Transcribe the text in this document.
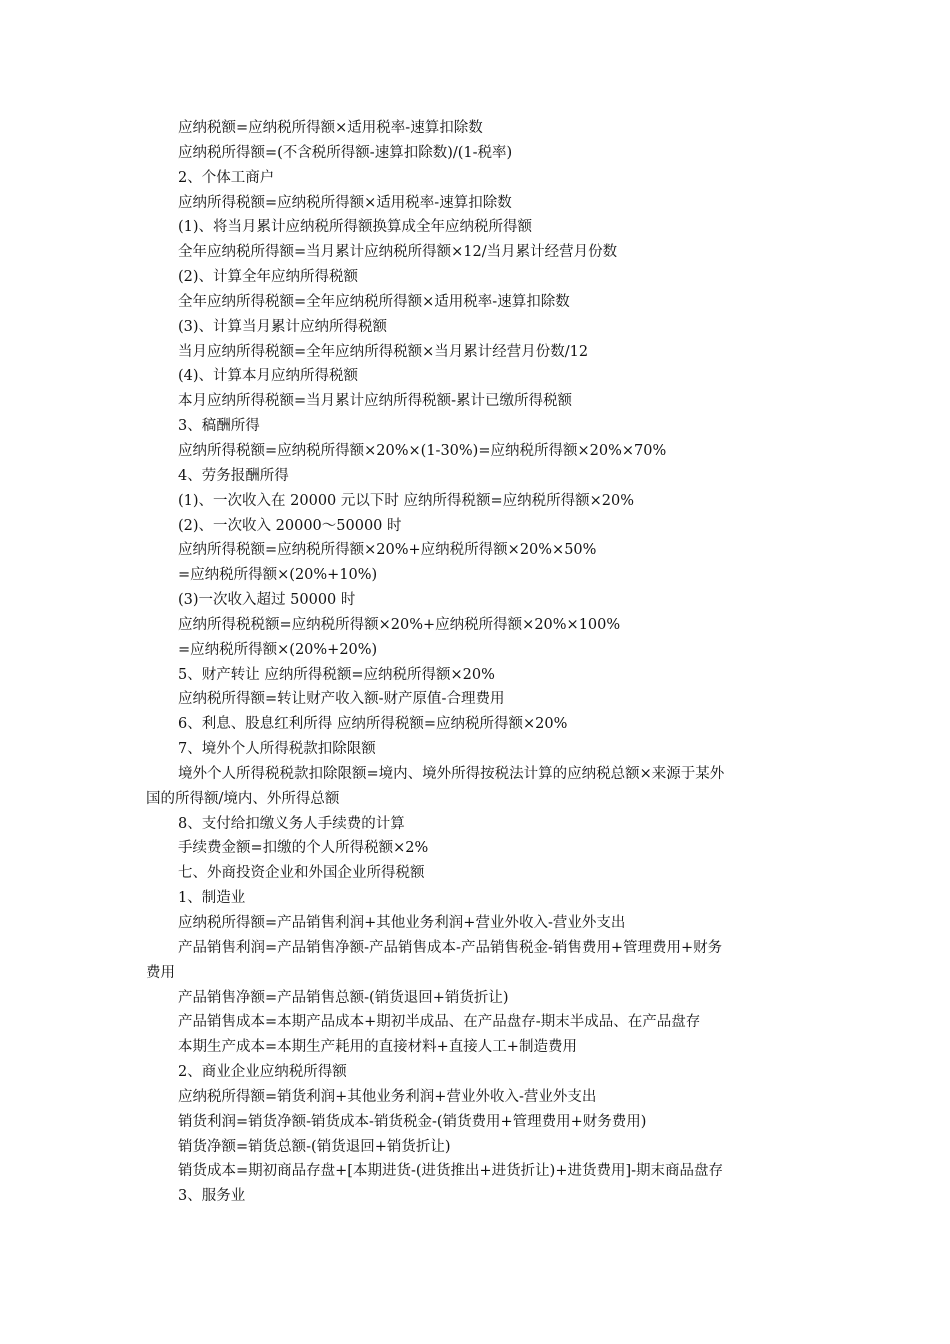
应纳税额=应纳税所得额×适用税率-速算扣除数
应纳税所得额=(不含税所得额-速算扣除数)/(1-税率)
2、个体工商户
应纳所得税额=应纳税所得额×适用税率-速算扣除数
(1)、将当月累计应纳税所得额换算成全年应纳税所得额
全年应纳税所得额=当月累计应纳税所得额×12/当月累计经营月份数
(2)、计算全年应纳所得税额
全年应纳所得税额=全年应纳税所得额×适用税率-速算扣除数
(3)、计算当月累计应纳所得税额
当月应纳所得税额=全年应纳所得税额×当月累计经营月份数/12
(4)、计算本月应纳所得税额
本月应纳所得税额=当月累计应纳所得税额-累计已缴所得税额
3、稿酬所得
应纳所得税额=应纳税所得额×20%×(1-30%)=应纳税所得额×20%×70%
4、劳务报酬所得
(1)、一次收入在 20000 元以下时 应纳所得税额=应纳税所得额×20%
(2)、一次收入 20000～50000 时
应纳所得税额=应纳税所得额×20%+应纳税所得额×20%×50%
=应纳税所得额×(20%+10%)
(3)一次收入超过 50000 时
应纳所得税税额=应纳税所得额×20%+应纳税所得额×20%×100%
=应纳税所得额×(20%+20%)
5、财产转让 应纳所得税额=应纳税所得额×20%
应纳税所得额=转让财产收入额-财产原值-合理费用
6、利息、股息红利所得 应纳所得税额=应纳税所得额×20%
7、境外个人所得税款扣除限额
境外个人所得税税款扣除限额=境内、境外所得按税法计算的应纳税总额×来源于某外
国的所得额/境内、外所得总额
8、支付给扣缴义务人手续费的计算
手续费金额=扣缴的个人所得税额×2%
七、外商投资企业和外国企业所得税额
1、制造业
应纳税所得额=产品销售利润+其他业务利润+营业外收入-营业外支出
产品销售利润=产品销售净额-产品销售成本-产品销售税金-销售费用+管理费用+财务
费用
产品销售净额=产品销售总额-(销货退回+销货折让)
产品销售成本=本期产品成本+期初半成品、在产品盘存-期末半成品、在产品盘存
本期生产成本=本期生产耗用的直接材料+直接人工+制造费用
2、商业企业应纳税所得额
应纳税所得额=销货利润+其他业务利润+营业外收入-营业外支出
销货利润=销货净额-销货成本-销货税金-(销货费用+管理费用+财务费用)
销货净额=销货总额-(销货退回+销货折让)
销货成本=期初商品存盘+[本期进货-(进货推出+进货折让)+进货费用]-期末商品盘存
3、服务业
